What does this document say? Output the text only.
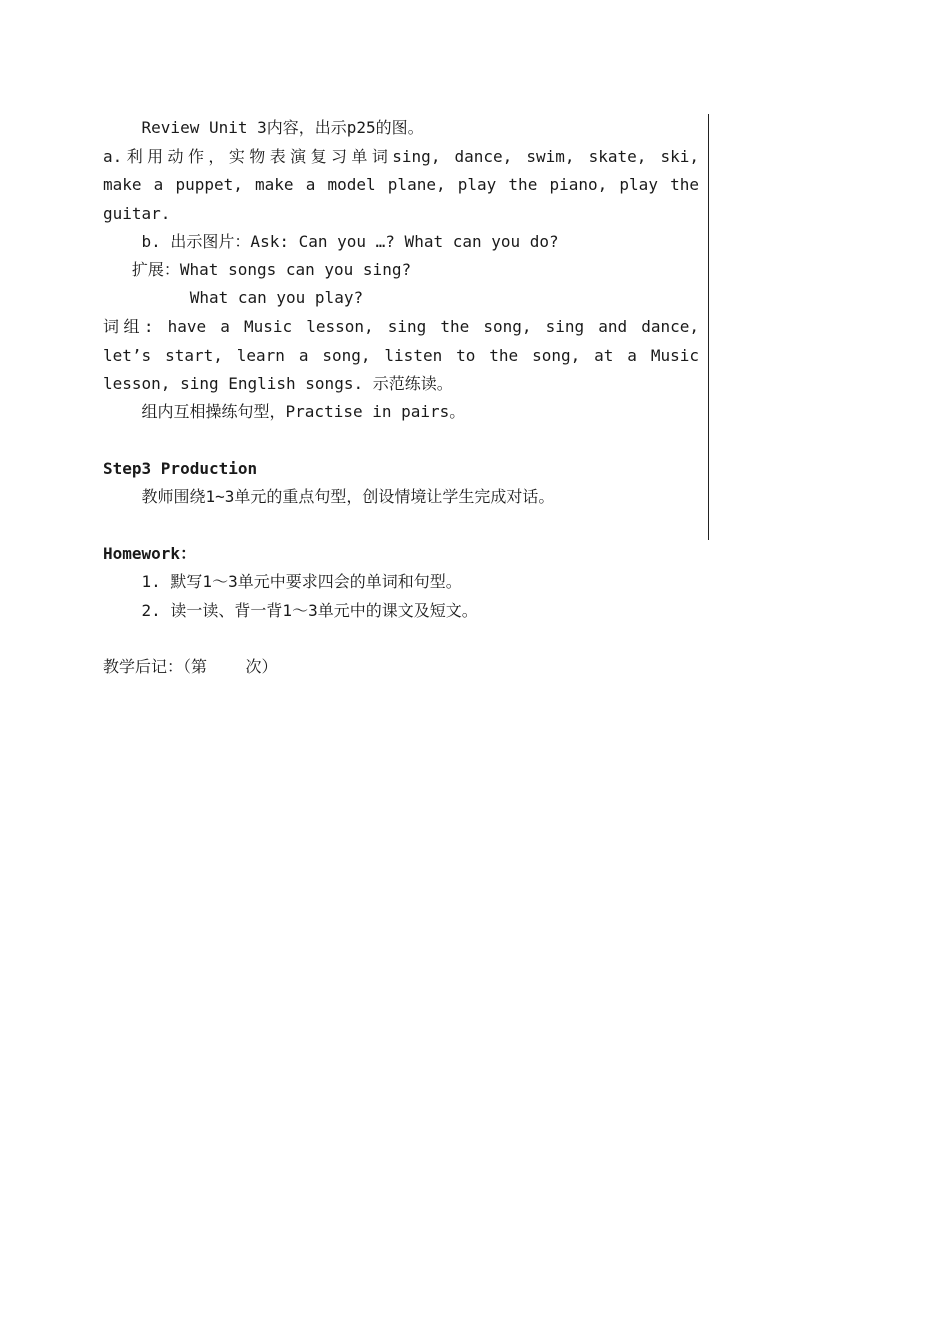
Review Unit 3内容，出示p25的图。
a.利用动作，实物表演复习单词sing, dance, swim, skate, ski,
make a puppet, make a model plane, play the piano, play the
guitar.
b. 出示图片：Ask: Can you …? What can you do?
扩展：What songs can you sing?
What can you play?
词组: have a Music lesson, sing the song, sing and dance,
let’s start, learn a song, listen to the song, at a Music
lesson, sing English songs. 示范练读。
组内互相操练句型，Practise in pairs。
Step3 Production
教师围绕1~3单元的重点句型，创设情境让学生完成对话。
Homework：
1. 默写1～3单元中要求四会的单词和句型。
2. 读一读、背一背1～3单元中的课文及短文。
教学后记：（第    次）
